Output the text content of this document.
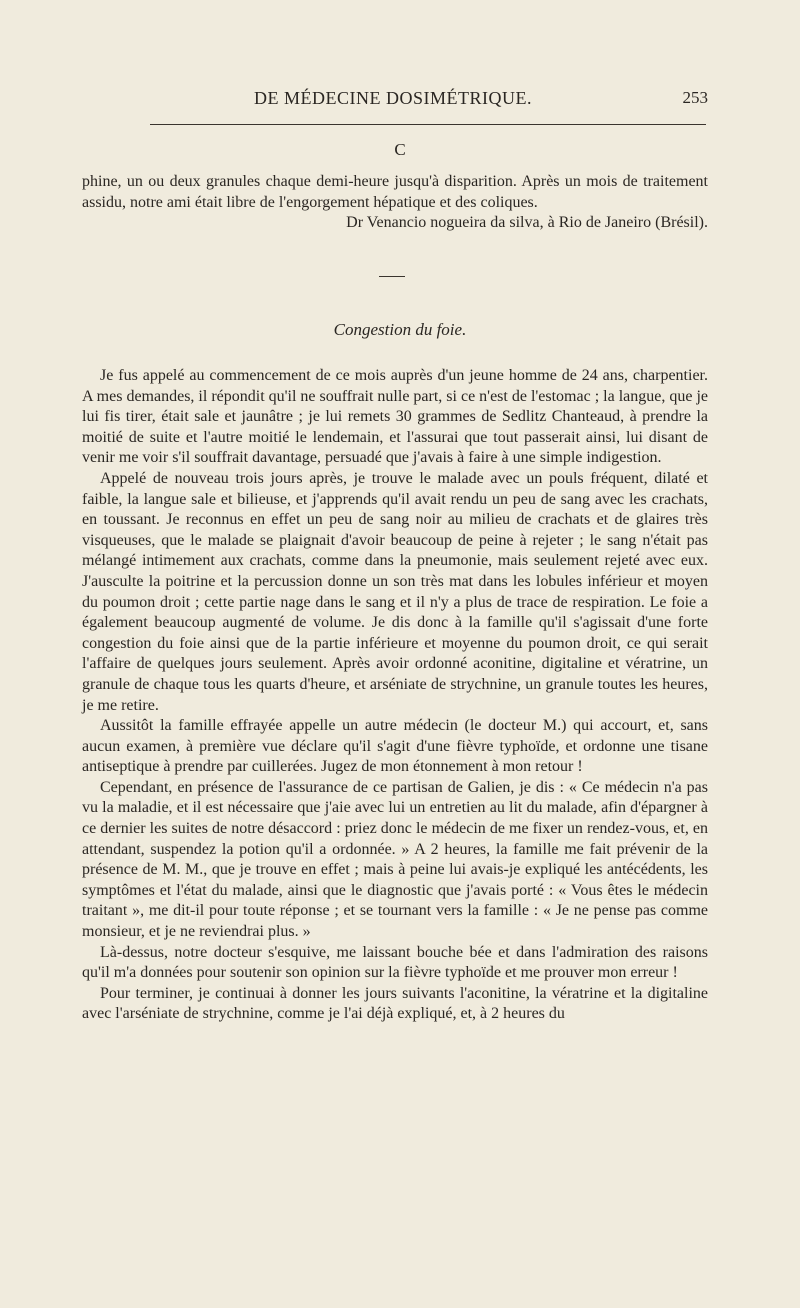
DE MÉDECINE DOSIMÉTRIQUE.	253
C

phine, un ou deux granules chaque demi-heure jusqu'à disparition. Après un mois de traitement assidu, notre ami était libre de l'engorgement hépatique et des coliques.

Dr Venancio nogueira da silva, à Rio de Janeiro (Brésil).

Congestion du foie.

Je fus appelé au commencement de ce mois auprès d'un jeune homme de 24 ans, charpentier. A mes demandes, il répondit qu'il ne souffrait nulle part, si ce n'est de l'estomac ; la langue, que je lui fis tirer, était sale et jaunâtre ; je lui remets 30 grammes de Sedlitz Chanteaud, à prendre la moitié de suite et l'autre moitié le lendemain, et l'assurai que tout passerait ainsi, lui disant de venir me voir s'il souffrait davantage, persuadé que j'avais à faire à une simple indigestion.

Appelé de nouveau trois jours après, je trouve le malade avec un pouls fréquent, dilaté et faible, la langue sale et bilieuse, et j'apprends qu'il avait rendu un peu de sang avec les crachats, en toussant. Je reconnus en effet un peu de sang noir au milieu de crachats et de glaires très visqueuses, que le malade se plaignait d'avoir beaucoup de peine à rejeter ; le sang n'était pas mélangé intimement aux crachats, comme dans la pneumonie, mais seulement rejeté avec eux. J'ausculte la poitrine et la percussion donne un son très mat dans les lobules inférieur et moyen du poumon droit ; cette partie nage dans le sang et il n'y a plus de trace de respiration. Le foie a également beaucoup augmenté de volume. Je dis donc à la famille qu'il s'agissait d'une forte congestion du foie ainsi que de la partie inférieure et moyenne du poumon droit, ce qui serait l'affaire de quelques jours seulement. Après avoir ordonné aconitine, digitaline et vératrine, un granule de chaque tous les quarts d'heure, et arséniate de strychnine, un granule toutes les heures, je me retire.

Aussitôt la famille effrayée appelle un autre médecin (le docteur M.) qui accourt, et, sans aucun examen, à première vue déclare qu'il s'agit d'une fièvre typhoïde, et ordonne une tisane antiseptique à prendre par cuillerées. Jugez de mon étonnement à mon retour !

Cependant, en présence de l'assurance de ce partisan de Galien, je dis : « Ce médecin n'a pas vu la maladie, et il est nécessaire que j'aie avec lui un entretien au lit du malade, afin d'épargner à ce dernier les suites de notre désaccord : priez donc le médecin de me fixer un rendez-vous, et, en attendant, suspendez la potion qu'il a ordonnée. » A 2 heures, la famille me fait prévenir de la présence de M. M., que je trouve en effet ; mais à peine lui avais-je expliqué les antécédents, les symptômes et l'état du malade, ainsi que le diagnostic que j'avais porté : « Vous êtes le médecin traitant », me dit-il pour toute réponse ; et se tournant vers la famille : « Je ne pense pas comme monsieur, et je ne reviendrai plus. »

Là-dessus, notre docteur s'esquive, me laissant bouche bée et dans l'admiration des raisons qu'il m'a données pour soutenir son opinion sur la fièvre typhoïde et me prouver mon erreur !

Pour terminer, je continuai à donner les jours suivants l'aconitine, la vératrine et la digitaline avec l'arséniate de strychnine, comme je l'ai déjà expliqué, et, à 2 heures du
